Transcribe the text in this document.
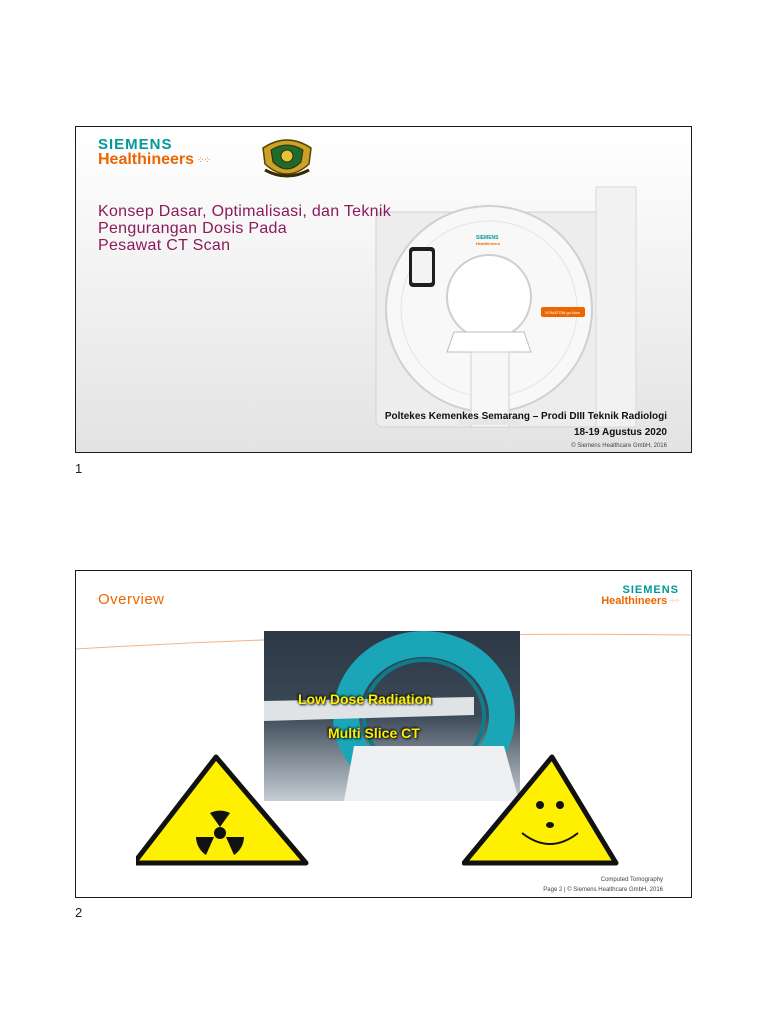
SIEMENS
Healthineers
SOMATOM go.Now
SIEMENS
Healthineers ⁘⁘
Konsep Dasar, Optimalisasi, dan Teknik
Pengurangan Dosis Pada
Pesawat CT Scan
Poltekes Kemenkes Semarang – Prodi DIII Teknik Radiologi
18-19 Agustus 2020
© Siemens Healthcare GmbH, 2016
1
Overview
SIEMENS
Healthineers ⁘⁘
Low Dose Radiation
Multi Slice CT
Computed Tomography
Page 2 | © Siemens Healthcare GmbH, 2016
2
